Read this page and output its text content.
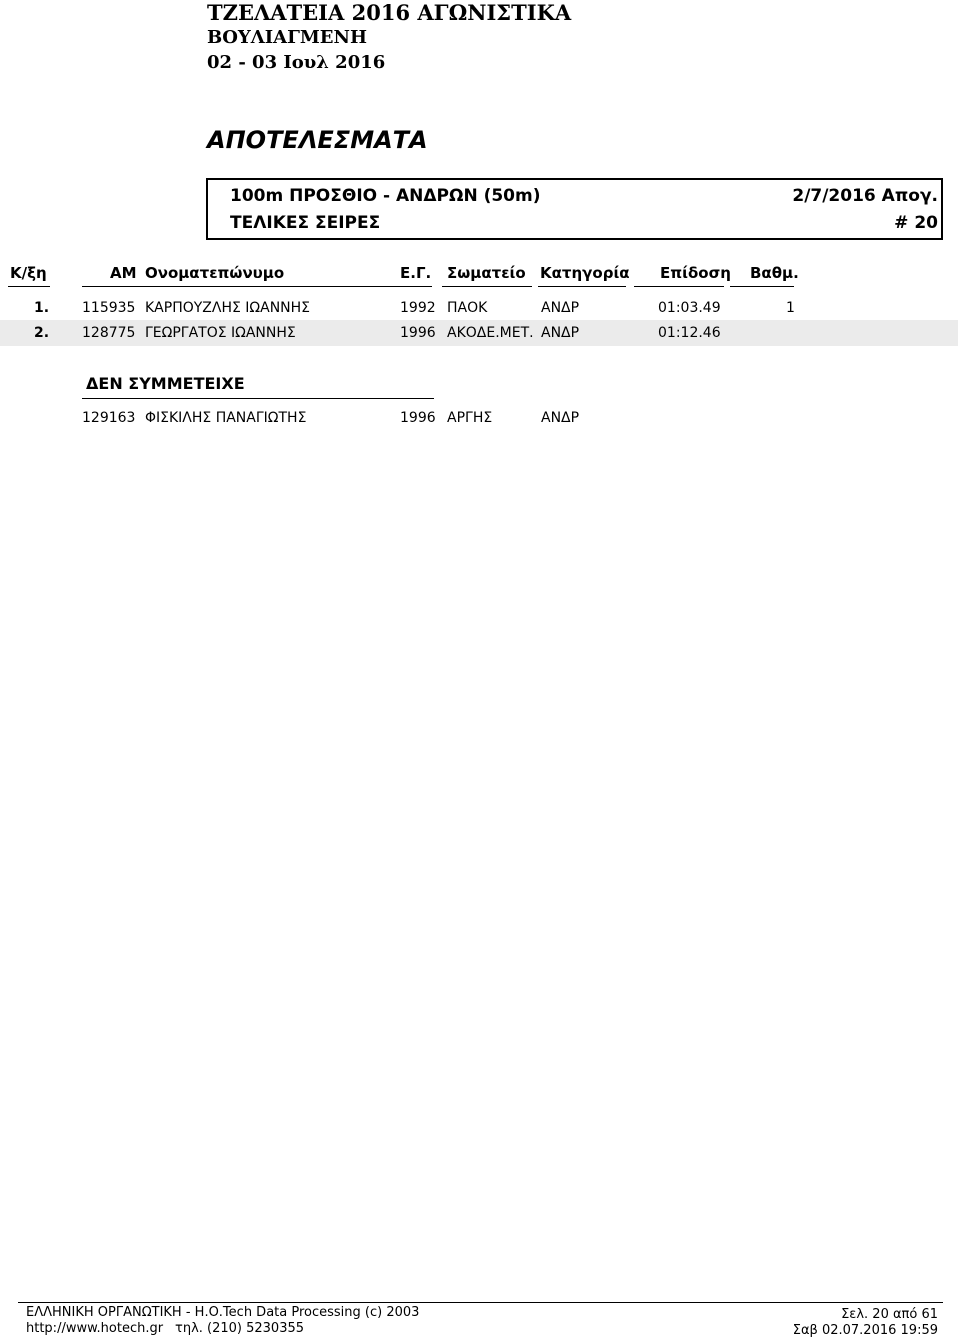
ΤΖΕΛΑΤΕΙΑ 2016 ΑΓΩΝΙΣΤΙΚΑ
ΒΟΥΛΙΑΓΜΕΝΗ
02 - 03 Ιουλ 2016
ΑΠΟΤΕΛΕΣΜΑΤΑ
100m ΠΡΟΣΘΙΟ - ΑΝΔΡΩΝ (50m)	2/7/2016 Απογ.
ΤΕΛΙΚΕΣ ΣΕΙΡΕΣ	# 20
Κ/ξη	ΑΜ Ονοματεπώνυμο	Ε.Γ. Σωματείο Κατηγορία Επίδοση Βαθμ.
1. 115935 ΚΑΡΠΟΥΖΛΗΣ ΙΩΑΝΝΗΣ	1992 ΠΑΟΚ	ΑΝΔΡ	01:03.49	1
2. 128775 ΓΕΩΡΓΑΤΟΣ ΙΩΑΝΝΗΣ	1996 ΑΚΟΔΕ.ΜΕΤ. ΑΝΔΡ	01:12.46
ΔΕΝ ΣΥΜΜΕΤΕΙΧΕ
129163 ΦΙΣΚΙΛΗΣ ΠΑΝΑΓΙΩΤΗΣ	1996 ΑΡΓΗΣ	ΑΝΔΡ
ΕΛΛΗΝΙΚΗ ΟΡΓΑΝΩΤΙΚΗ - Η.Ο.Tech Data Processing (c) 2003
http://www.hotech.gr τηλ. (210) 5230355
Σελ. 20 από 61
Σαβ 02.07.2016 19:59
